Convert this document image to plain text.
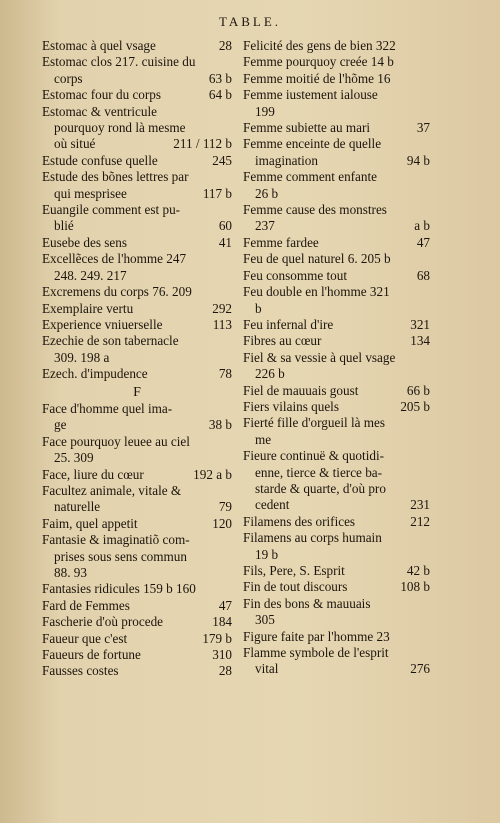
TABLE.
Estomac à quel vsage	28
Estomac clos 217. cuisine du
corps	63 b
Estomac four du corps	64 b
Estomac & ventricule
pourquoy rond là mesme
où situé	211 / 112 b
Estude confuse quelle	245
Estude des bõnes lettres par
qui mesprisee	117 b
Euangile comment est pu-
blié	60
Eusebe des sens	41
Excellẽces de l'homme 247
248. 249. 217
Excremens du corps 76. 209
Exemplaire vertu	292
Experience vniuerselle	113
Ezechie de son tabernacle
309. 198 a
Ezech. d'impudence	78
F
Face d'homme quel ima-
ge	38 b
Face pourquoy leuee au ciel
25. 309
Face, liure du cœur	192 a b
Facultez animale, vitale &
naturelle	79
Faim, quel appetit	120
Fantasie & imaginatiõ com-
prises sous sens commun
88. 93
Fantasies ridicules 159 b 160
Fard de Femmes	47
Fascherie d'où procede	184
Faueur que c'est	179 b
Faueurs de fortune	310
Fausses costes	28
Felicité des gens de bien 322
Femme pourquoy creée 14 b
Femme moitié de l'hõme 16
Femme iustement ialouse
199
Femme subiette au mari	37
Femme enceinte de quelle
imagination	94 b
Femme comment enfante
26 b
Femme cause des monstres
237	a b
Femme fardee	47
Feu de quel naturel 6. 205 b
Feu consomme tout	68
Feu double en l'homme 321
b
Feu infernal d'ire	321
Fibres au cœur	134
Fiel & sa vessie à quel vsage
226 b
Fiel de mauuais goust	66 b
Fiers vilains quels	205 b
Fierté fille d'orgueil là mes
me
Fieure continuë & quotidi-
enne, tierce & tierce ba-
starde & quarte, d'où pro
cedent	231
Filamens des orifices	212
Filamens au corps humain
19 b
Fils, Pere, S. Esprit	42 b
Fin de tout discours	108 b
Fin des bons & mauuais
305
Figure faite par l'homme 23
Flamme symbole de l'esprit
vital	276
